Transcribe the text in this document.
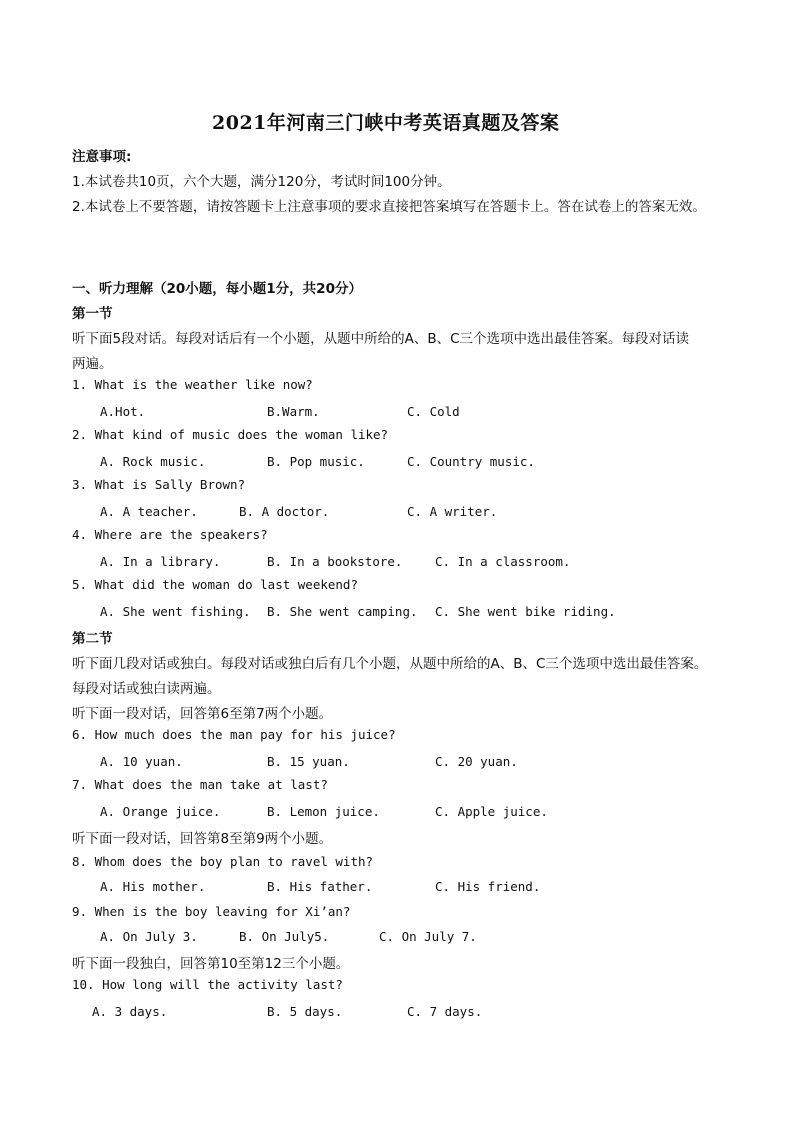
2021年河南三门峡中考英语真题及答案
注意事项:
1.本试卷共10页，六个大题，满分120分，考试时间100分钟。
2.本试卷上不要答题，请按答题卡上注意事项的要求直接把答案填写在答题卡上。答在试卷上的答案无效。
一、听力理解（20小题，每小题1分，共20分）
第一节
听下面5段对话。每段对话后有一个小题，从题中所给的A、B、C三个选项中选出最佳答案。每段对话读
两遍。
1. What is the weather like now?
A.Hot.	B.Warm.	C. Cold
2. What kind of music does the woman like?
A. Rock music.	B. Pop music.	C. Country music.
3. What is Sally Brown?
A. A teacher.	B. A doctor.	C. A writer.
4. Where are the speakers?
A. In a library.	B. In a bookstore.	C. In a classroom.
5. What did the woman do last weekend?
A. She went fishing. B. She went camping. C. She went bike riding.
第二节
听下面几段对话或独白。每段对话或独白后有几个小题，从题中所给的A、B、C三个选项中选出最佳答案。
每段对话或独白读两遍。
听下面一段对话，回答第6至第7两个小题。
6. How much does the man pay for his juice?
A. 10 yuan.	B. 15 yuan.	C. 20 yuan.
7. What does the man take at last?
A. Orange juice.	B. Lemon juice.	C. Apple juice.
听下面一段对话，回答第8至第9两个小题。
8. Whom does the boy plan to ravel with?
A. His mother.	B. His father.	C. His friend.
9. When is the boy leaving for Xi’an?
A. On July 3.	B. On July5.	C. On July 7.
听下面一段独白，回答第10至第12三个小题。
10. How long will the activity last?
A. 3 days.	B. 5 days.	C. 7 days.
